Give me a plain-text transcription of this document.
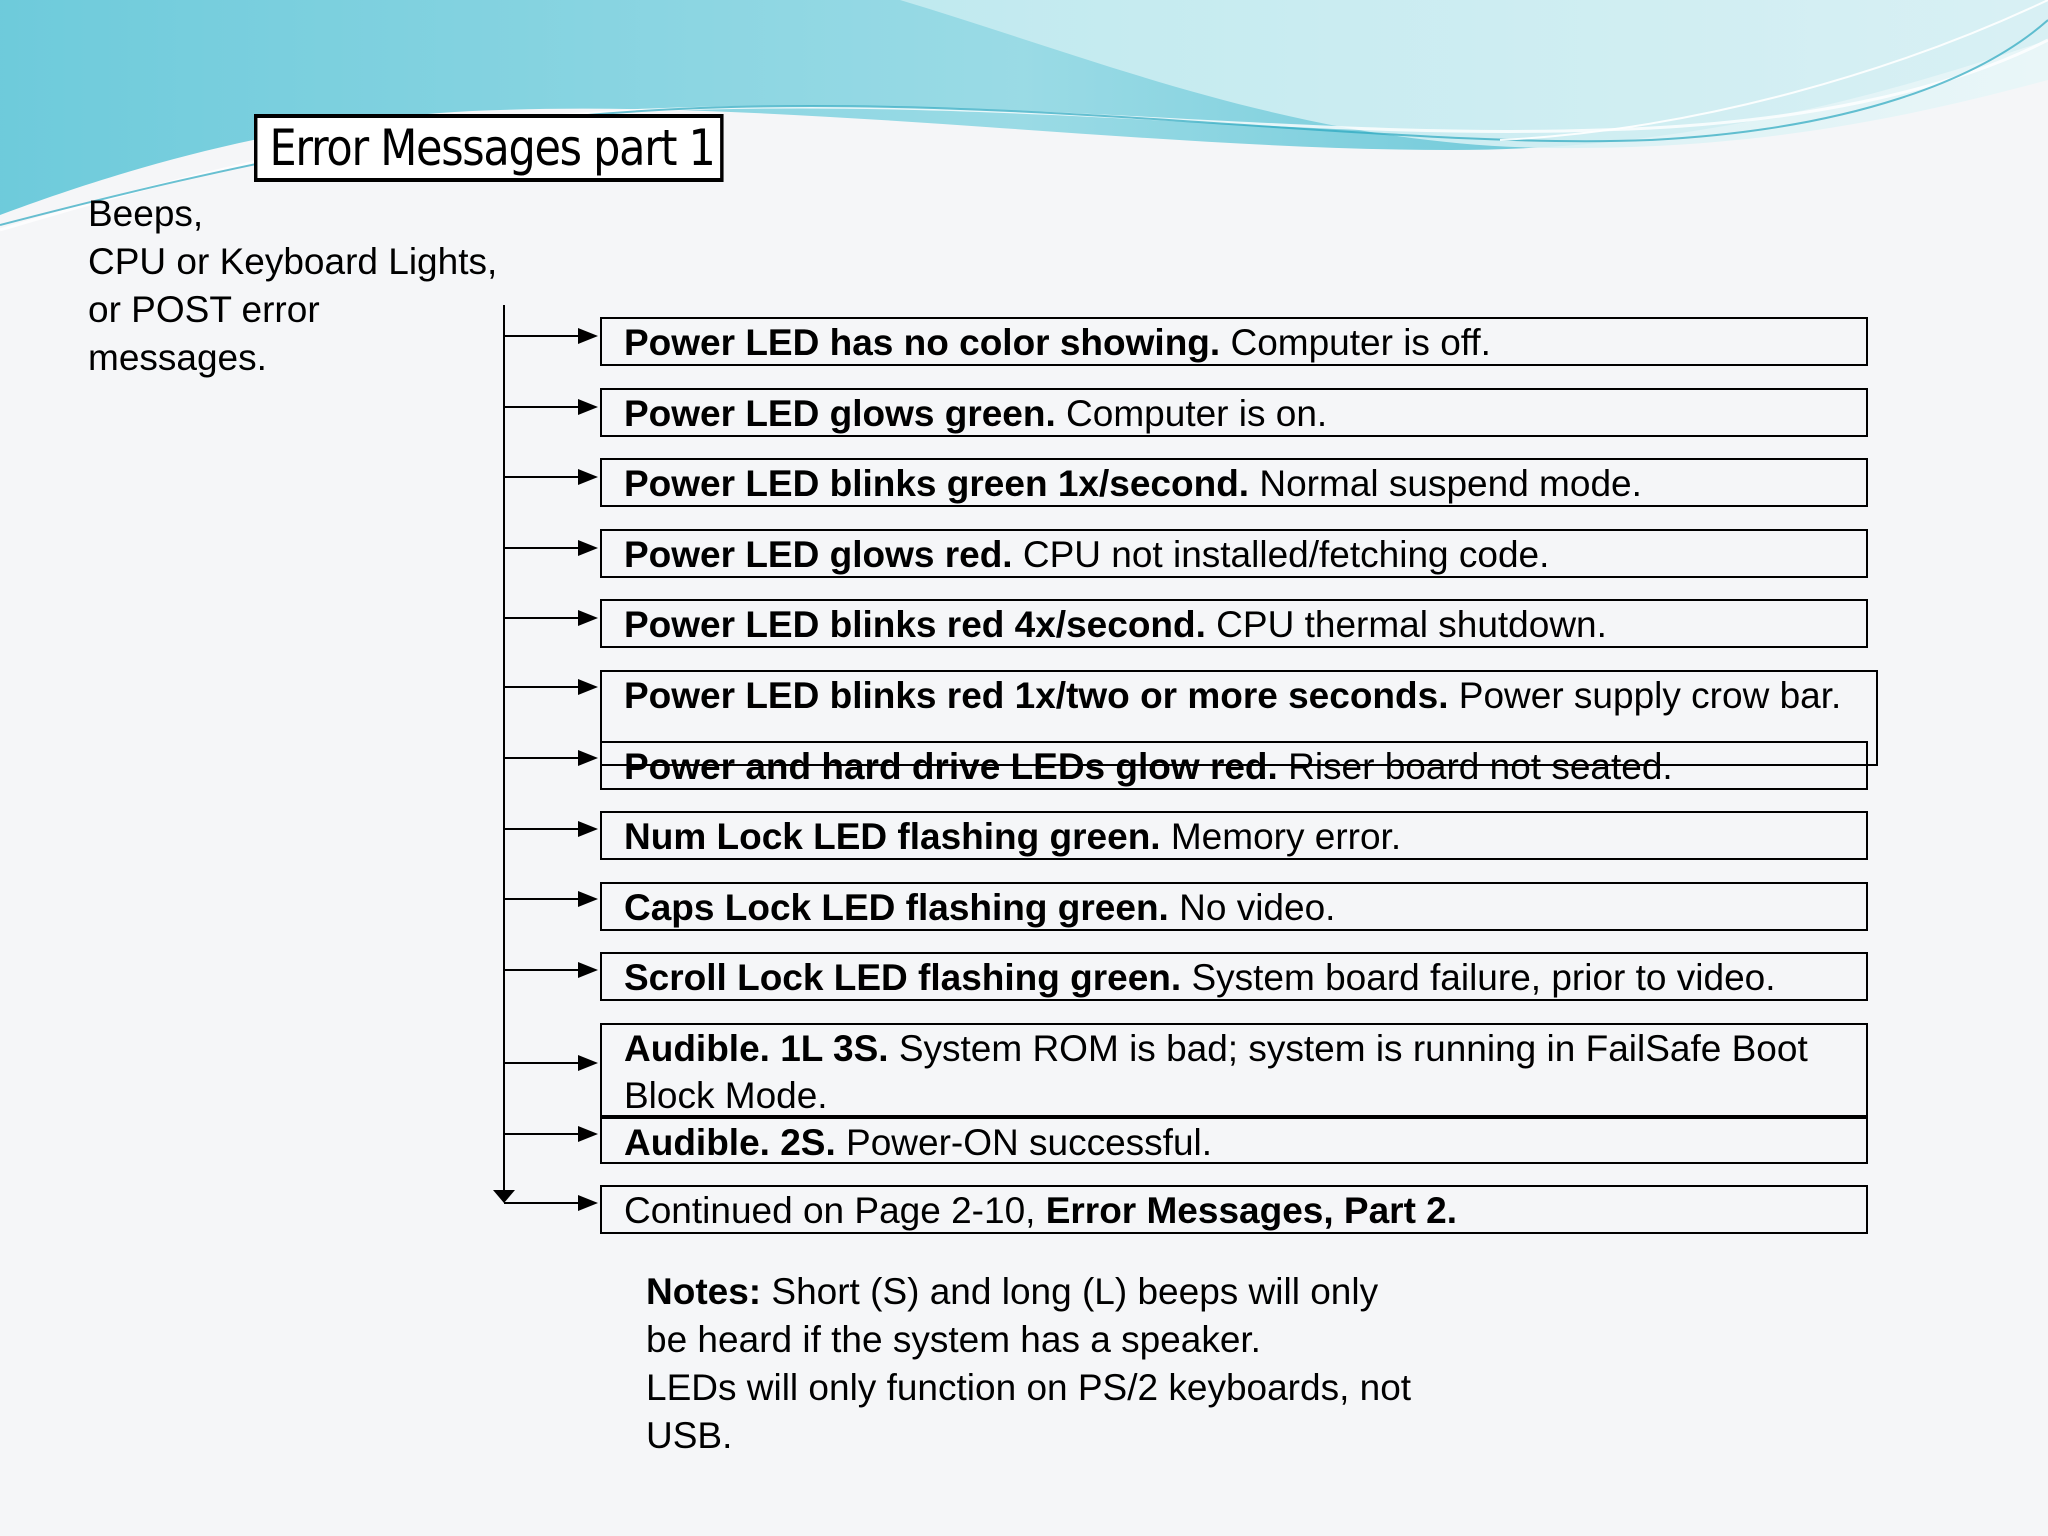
Error Messages part 1
Beeps,
CPU or Keyboard Lights, or POST error messages.	Power LED has no color showing. Computer is off.
Power LED glows green. Computer is on.
Power LED blinks green 1x/second. Normal suspend mode.
Power LED glows red. CPU not installed/fetching code.
Power LED blinks red 4x/second. CPU thermal shutdown.
Power LED blinks red 1x/two or more seconds. Power supply crow bar.
Power and hard drive LEDs glow red. Riser board not seated.
Num Lock LED flashing green. Memory error.
Caps Lock LED flashing green. No video.
Scroll Lock LED flashing green. System board failure, prior to video.
Audible. 1L 3S. System ROM is bad; system is running in FailSafe Boot Block Mode.
Audible. 2S. Power-ON successful.
Continued on Page 2-10, Error Messages, Part 2.
Notes: Short (S) and long (L) beeps will only be heard if the system has a speaker.
LEDs will only function on PS/2 keyboards, not USB.
